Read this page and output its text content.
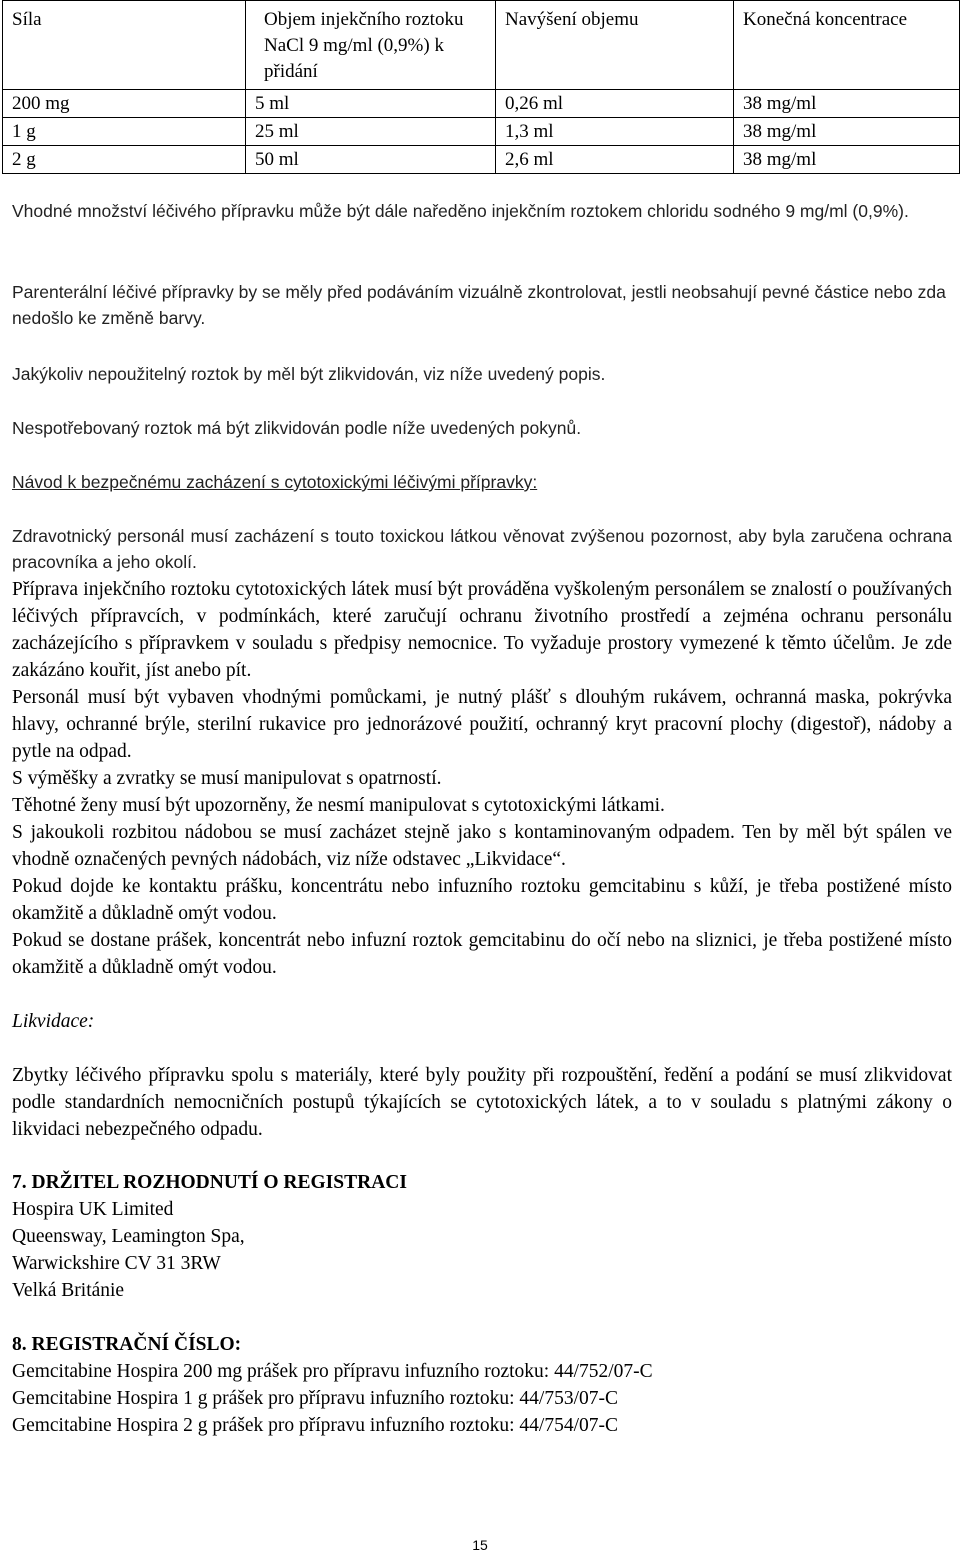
Síla	Objem injekčního roztoku NaCl 9 mg/ml (0,9%) k přidání	Navýšení objemu	Konečná koncentrace
200 mg	5 ml	0,26 ml	38 mg/ml
1 g	25 ml	1,3 ml	38 mg/ml
2 g	50 ml	2,6 ml	38 mg/ml

Vhodné množství léčivého přípravku může být dále naředěno injekčním roztokem chloridu sodného 9 mg/ml (0,9%).

Parenterální léčivé přípravky by se měly před podáváním vizuálně zkontrolovat, jestli neobsahují pevné částice nebo zda nedošlo ke změně barvy.

Jakýkoliv nepoužitelný roztok by měl být zlikvidován, viz níže uvedený popis.

Nespotřebovaný roztok má být zlikvidován podle níže uvedených pokynů.

Návod k bezpečnému zacházení s cytotoxickými léčivými přípravky:

Zdravotnický personál musí zacházení s touto toxickou látkou věnovat zvýšenou pozornost, aby byla zaručena ochrana pracovníka a jeho okolí.

Příprava injekčního roztoku cytotoxických látek musí být prováděna vyškoleným personálem se znalostí o používaných léčivých přípravcích, v podmínkách, které zaručují ochranu životního prostředí a zejména ochranu personálu zacházejícího s přípravkem v souladu s předpisy nemocnice. To vyžaduje prostory vymezené k těmto účelům. Je zde zakázáno kouřit, jíst anebo pít.
Personál musí být vybaven vhodnými pomůckami, je nutný plášť s dlouhým rukávem, ochranná maska, pokrývka hlavy, ochranné brýle, sterilní rukavice pro jednorázové použití, ochranný kryt pracovní plochy (digestoř), nádoby a pytle na odpad.
S výměšky a zvratky se musí manipulovat s opatrností.
Těhotné ženy musí být upozorněny, že nesmí manipulovat s cytotoxickými látkami.
S jakoukoli rozbitou nádobou se musí zacházet stejně jako s kontaminovaným odpadem. Ten by měl být spálen ve vhodně označených pevných nádobách, viz níže odstavec „Likvidace“.
Pokud dojde ke kontaktu prášku, koncentrátu nebo infuzního roztoku gemcitabinu s kůží, je třeba postižené místo okamžitě a důkladně omýt vodou.
Pokud se dostane prášek, koncentrát nebo infuzní roztok gemcitabinu do očí nebo na sliznici, je třeba postižené místo okamžitě a důkladně omýt vodou.

Likvidace:

Zbytky léčivého přípravku spolu s materiály, které byly použity při rozpouštění, ředění a podání se musí zlikvidovat podle standardních nemocničních postupů týkajících se cytotoxických látek, a to v souladu s platnými zákony o likvidaci nebezpečného odpadu.

7. DRŽITEL ROZHODNUTÍ O REGISTRACI
Hospira UK Limited
Queensway, Leamington Spa,
Warwickshire CV 31 3RW
Velká Británie
8. REGISTRAČNÍ ČÍSLO:
Gemcitabine Hospira 200 mg prášek pro přípravu infuzního roztoku: 44/752/07-C
Gemcitabine Hospira 1 g prášek pro přípravu infuzního roztoku: 44/753/07-C
Gemcitabine Hospira 2 g prášek pro přípravu infuzního roztoku: 44/754/07-C
15
